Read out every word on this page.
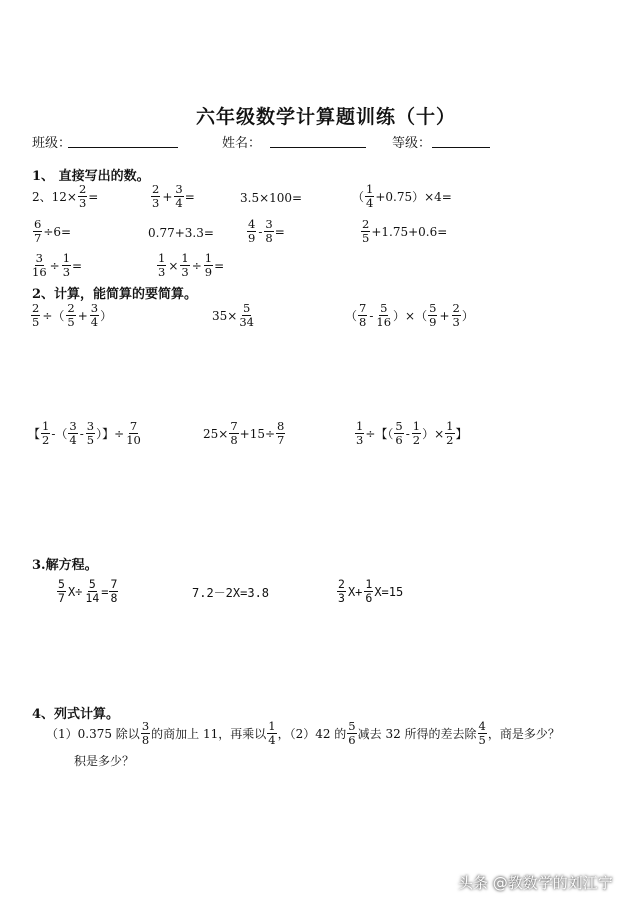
六年级数学计算题训练（十）
班级：	姓名：	等级：
1、 直接写出的数。
2、$12\times \frac{2}{3}$ =	$\frac{2}{3} + \frac{3}{4}$ =	3.5×100=	（ $\frac{1}{4} +0.75)\times 4=$
$\frac{6}{7} \div 6=$	0.77+3.3=	$\frac{4}{9} - \frac{3}{8}$ =	$\frac{2}{5} +1.75+0.6=$
$\frac{3}{16} \div \frac{1}{3}$ =	$\frac{1}{3} \times \frac{1}{3} \div \frac{1}{9}$ =
2、计算，能简算的要简算。
$\frac{2}{5}$ ÷（ $\frac{2}{5} + \frac{3}{4}$ ）	$35\times \frac{5}{34}$	（ $\frac{7}{8} - \frac{5}{16}$ ）×（ $\frac{5}{9} + \frac{2}{3}$ ）
【 $\frac{1}{2}$ -（ $\frac{3}{4} - \frac{3}{5}$ ）】÷ $\frac{7}{10}$	$25\times \frac{7}{8} +15\div \frac{8}{7}$	$\frac{1}{3}$ ÷【（ $\frac{5}{6} - \frac{1}{2}$ ）× $\frac{1}{2}$ 】
3.解方程。
$\frac{5}{7} X\div \frac{5}{14} = \frac{7}{8}$	7.2－2X=3.8	$\frac{2}{3} X+ \frac{1}{6} X=15$
4、列式计算。
（1）0.375 除以 $\frac{3}{8}$ 的商加上 11，再乘以 $\frac{1}{4}$ ，（2）42 的 $\frac{5}{6}$ 减去 32 所得的差去除 $\frac{4}{5}$ ，商是多少？
积是多少？
头条 @教数学的刘江宁
